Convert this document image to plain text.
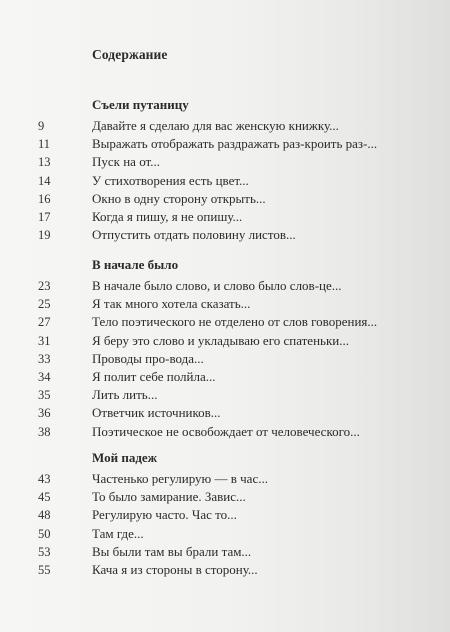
Содержание
Съели путаницу
9	Давайте я сделаю для вас женскую книжку...
11	Выражать отображать раздражать раз-кроить раз-...
13	Пуск на от...
14	У стихотворения есть цвет...
16	Окно в одну сторону открыть...
17	Когда я пишу, я не опишу...
19	Отпустить отдать половину листов...
В начале было
23	В начале было слово, и слово было слов-це...
25	Я так много хотела сказать...
27	Тело поэтического не отделено от слов говорения...
31	Я беру это слово и укладываю его спатеньки...
33	Проводы про-вода...
34	Я полит себе полйла...
35	Лить лить...
36	Ответчик источников...
38	Поэтическое не освобождает от человеческого...
Мой падеж
43	Частенько регулирую — в час...
45	То было замирание. Завис...
48	Регулирую часто. Час то...
50	Там где...
53	Вы были там вы брали там...
55	Кача я из стороны в сторону...
